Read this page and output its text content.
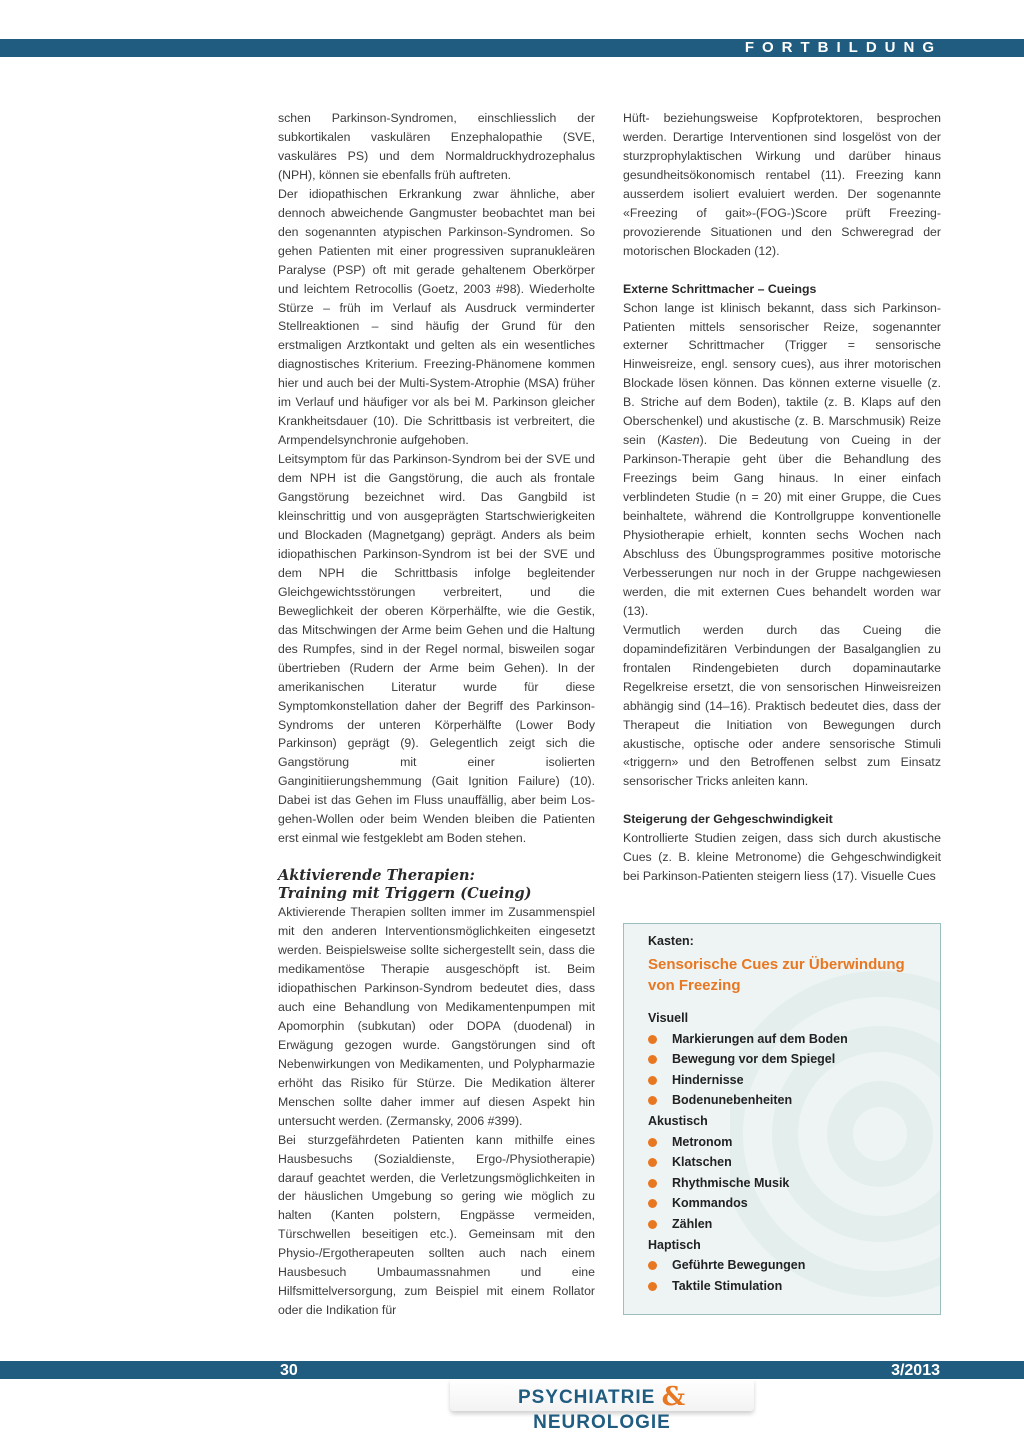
FORTBILDUNG

schen Parkinson-Syndromen, einschliesslich der subkortikalen vaskulären Enzephalopathie (SVE, vaskuläres PS) und dem Normaldruckhydrozephalus (NPH), können sie ebenfalls früh auftreten.

Der idiopathischen Erkrankung zwar ähnliche, aber dennoch abweichende Gangmuster beobachtet man bei den sogenannten atypischen Parkinson-Syndromen. So gehen Patienten mit einer progressiven supranukleären Paralyse (PSP) oft mit gerade gehaltenem Oberkörper und leichtem Retrocollis (Goetz, 2003 #98). Wiederholte Stürze – früh im Verlauf als Ausdruck verminderter Stellreaktionen – sind häufig der Grund für den erstmaligen Arztkontakt und gelten als ein wesentliches diagnostisches Kriterium. Freezing-Phänomene kommen hier und auch bei der Multi-System-Atrophie (MSA) früher im Verlauf und häufiger vor als bei M. Parkinson gleicher Krankheitsdauer (10). Die Schrittbasis ist verbreitert, die Armpendelsynchronie aufgehoben.

Leitsymptom für das Parkinson-Syndrom bei der SVE und dem NPH ist die Gangstörung, die auch als frontale Gangstörung bezeichnet wird. Das Gangbild ist kleinschrittig und von ausgeprägten Startschwierigkeiten und Blockaden (Magnetgang) geprägt. Anders als beim idiopathischen Parkinson-Syndrom ist bei der SVE und dem NPH die Schrittbasis infolge begleitender Gleichgewichtsstörungen verbreitert, und die Beweglichkeit der oberen Körperhälfte, wie die Gestik, das Mitschwingen der Arme beim Gehen und die Haltung des Rumpfes, sind in der Regel normal, bisweilen sogar übertrieben (Rudern der Arme beim Gehen). In der amerikanischen Literatur wurde für diese Symptomkonstellation daher der Begriff des Parkinson-Syndroms der unteren Körperhälfte (Lower Body Parkinson) geprägt (9). Gelegentlich zeigt sich die Gangstörung mit einer isolierten Ganginitiierungshemmung (Gait Ignition Failure) (10). Dabei ist das Gehen im Fluss unauffällig, aber beim Los-gehen-Wollen oder beim Wenden bleiben die Patienten erst einmal wie festgeklebt am Boden stehen.

Aktivierende Therapien:
Training mit Triggern (Cueing)

Aktivierende Therapien sollten immer im Zusammenspiel mit den anderen Interventionsmöglichkeiten eingesetzt werden. Beispielsweise sollte sichergestellt sein, dass die medikamentöse Therapie ausgeschöpft ist. Beim idiopathischen Parkinson-Syndrom bedeutet dies, dass auch eine Behandlung von Medikamentenpumpen mit Apomorphin (subkutan) oder DOPA (duodenal) in Erwägung gezogen wurde. Gangstörungen sind oft Nebenwirkungen von Medikamenten, und Polypharmazie erhöht das Risiko für Stürze. Die Medikation älterer Menschen sollte daher immer auf diesen Aspekt hin untersucht werden. (Zermansky, 2006 #399).

Bei sturzgefährdeten Patienten kann mithilfe eines Hausbesuchs (Sozialdienste, Ergo-/Physiotherapie) darauf geachtet werden, die Verletzungsmöglichkeiten in der häuslichen Umgebung so gering wie möglich zu halten (Kanten polstern, Engpässe vermeiden, Türschwellen beseitigen etc.). Gemeinsam mit den Physio-/Ergotherapeuten sollten auch nach einem Hausbesuch Umbaumassnahmen und eine Hilfsmittelversorgung, zum Beispiel mit einem Rollator oder die Indikation für

Hüft- beziehungsweise Kopfprotektoren, besprochen werden. Derartige Interventionen sind losgelöst von der sturzprophylaktischen Wirkung und darüber hinaus gesundheitsökonomisch rentabel (11). Freezing kann ausserdem isoliert evaluiert werden. Der sogenannte «Freezing of gait»-(FOG-)Score prüft Freezing-provozierende Situationen und den Schweregrad der motorischen Blockaden (12).

Externe Schrittmacher – Cueings

Schon lange ist klinisch bekannt, dass sich Parkinson-Patienten mittels sensorischer Reize, sogenannter externer Schrittmacher (Trigger = sensorische Hinweisreize, engl. sensory cues), aus ihrer motorischen Blockade lösen können. Das können externe visuelle (z. B. Striche auf dem Boden), taktile (z. B. Klaps auf den Oberschenkel) und akustische (z. B. Marschmusik) Reize sein (Kasten). Die Bedeutung von Cueing in der Parkinson-Therapie geht über die Behandlung des Freezings beim Gang hinaus. In einer einfach verblindeten Studie (n = 20) mit einer Gruppe, die Cues beinhaltete, während die Kontrollgruppe konventionelle Physiotherapie erhielt, konnten sechs Wochen nach Abschluss des Übungsprogrammes positive motorische Verbesserungen nur noch in der Gruppe nachgewiesen werden, die mit externen Cues behandelt worden war (13).

Vermutlich werden durch das Cueing die dopamindefizitären Verbindungen der Basalganglien zu frontalen Rindengebieten durch dopaminautarke Regelkreise ersetzt, die von sensorischen Hinweisreizen abhängig sind (14–16). Praktisch bedeutet dies, dass der Therapeut die Initiation von Bewegungen durch akustische, optische oder andere sensorische Stimuli «triggern» und den Betroffenen selbst zum Einsatz sensorischer Tricks anleiten kann.

Steigerung der Gehgeschwindigkeit

Kontrollierte Studien zeigen, dass sich durch akustische Cues (z. B. kleine Metronome) die Gehgeschwindigkeit bei Parkinson-Patienten steigern liess (17). Visuelle Cues

Kasten:

Sensorische Cues zur Überwindung von Freezing

Visuell
Markierungen auf dem Boden
Bewegung vor dem Spiegel
Hindernisse
Bodenunebenheiten
Akustisch
Metronom
Klatschen
Rhythmische Musik
Kommandos
Zählen
Haptisch
Geführte Bewegungen
Taktile Stimulation
30	3/2013
PSYCHIATRIE & NEUROLOGIE
